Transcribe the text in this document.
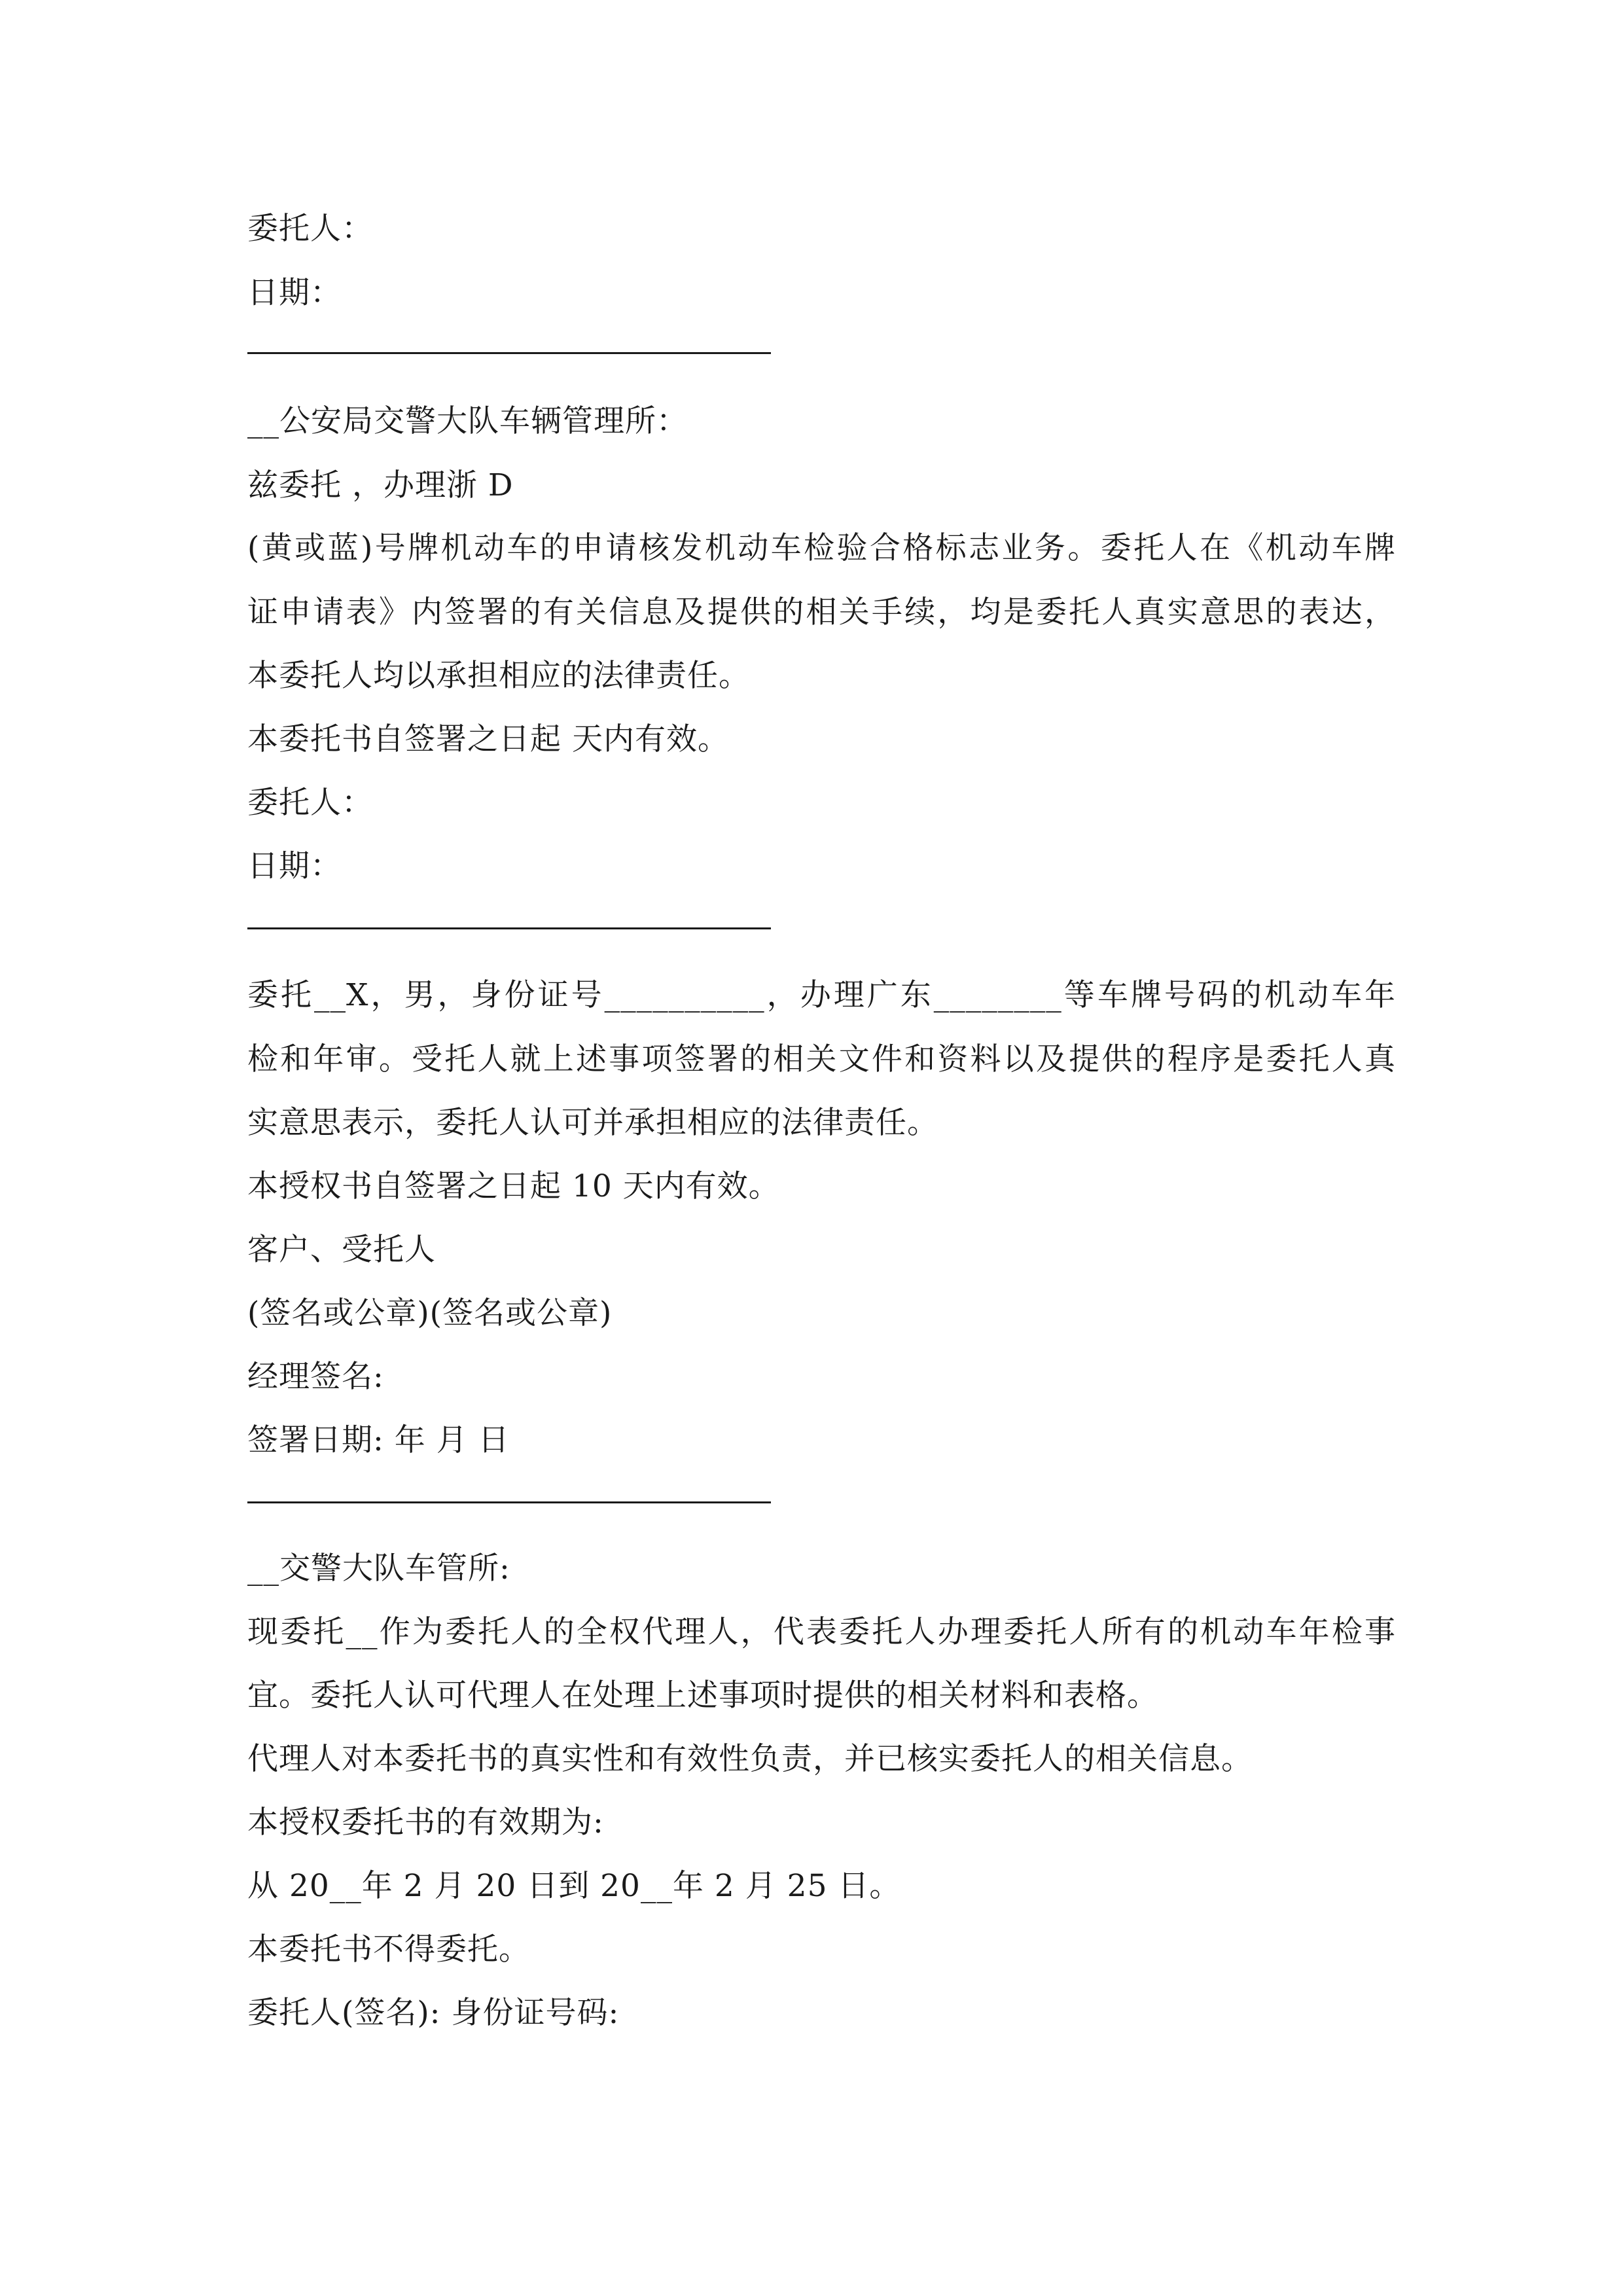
委托人：
日期：
__公安局交警大队车辆管理所：
兹委托 ，办理浙 D
(黄或蓝)号牌机动车的申请核发机动车检验合格标志业务。委托人在《机动车牌
证申请表》内签署的有关信息及提供的相关手续，均是委托人真实意思的表达，
本委托人均以承担相应的法律责任。
本委托书自签署之日起 天内有效。
委托人：
日期：
委托__X，男，身份证号__________，办理广东________等车牌号码的机动车年
检和年审。受托人就上述事项签署的相关文件和资料以及提供的程序是委托人真
实意思表示，委托人认可并承担相应的法律责任。
本授权书自签署之日起 10 天内有效。
客户、受托人
(签名或公章)(签名或公章)
经理签名:
签署日期: 年 月 日
__交警大队车管所:
现委托__作为委托人的全权代理人，代表委托人办理委托人所有的机动车年检事
宜。委托人认可代理人在处理上述事项时提供的相关材料和表格。
代理人对本委托书的真实性和有效性负责，并已核实委托人的相关信息。
本授权委托书的有效期为:
从 20__年 2 月 20 日到 20__年 2 月 25 日。
本委托书不得委托。
委托人(签名): 身份证号码:
